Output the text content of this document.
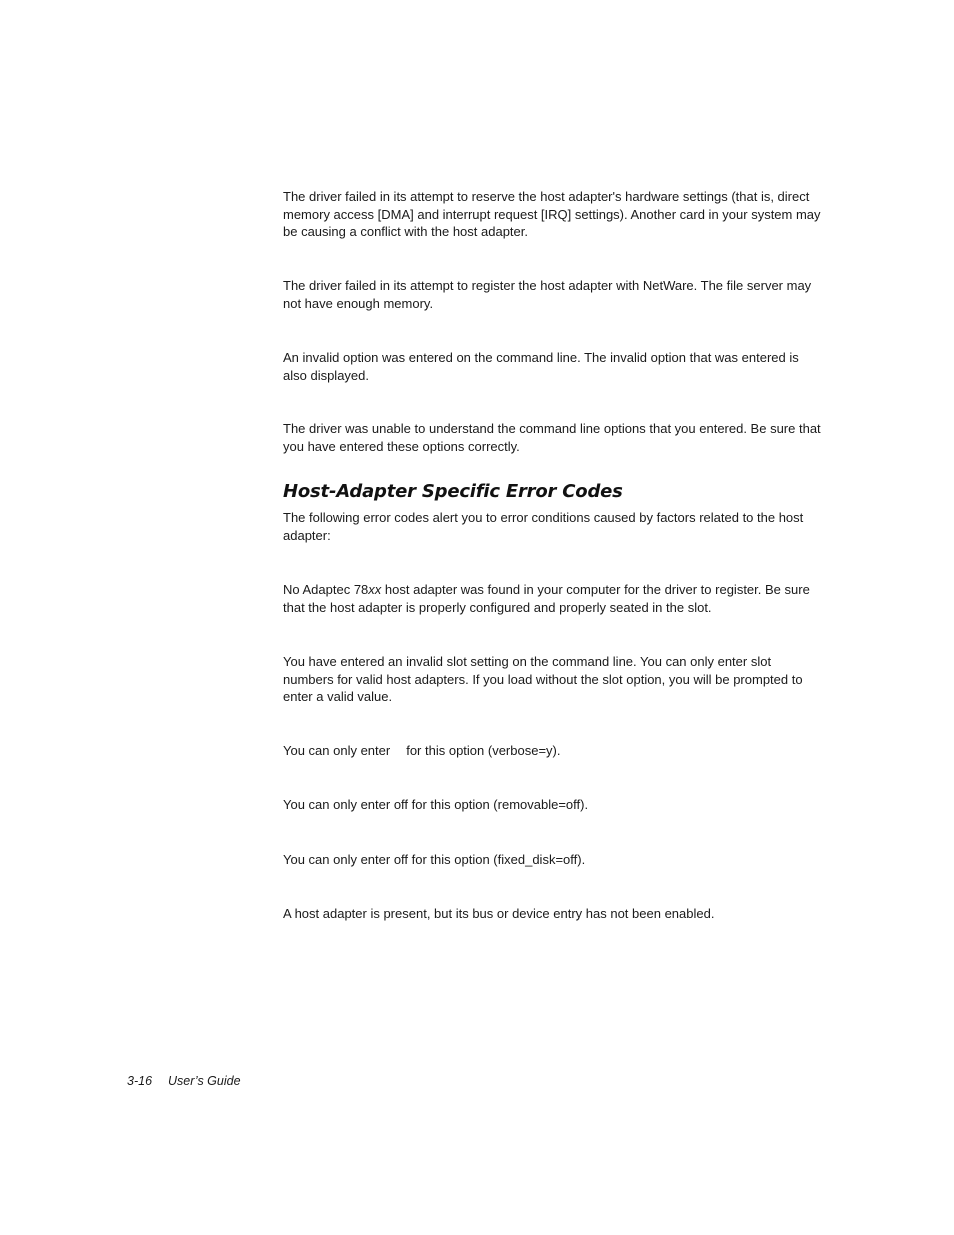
The driver failed in its attempt to reserve the host adapter's hardware settings (that is, direct memory access [DMA] and interrupt request [IRQ] settings). Another card in your system may be causing a conflict with the host adapter.

The driver failed in its attempt to register the host adapter with NetWare. The file server may not have enough memory.

An invalid option was entered on the command line. The invalid option that was entered is also displayed.

The driver was unable to understand the command line options that you entered. Be sure that you have entered these options correctly.

Host-Adapter Specific Error Codes

The following error codes alert you to error conditions caused by factors related to the host adapter:

No Adaptec 78xx host adapter was found in your computer for the driver to register. Be sure that the host adapter is properly configured and properly seated in the slot.

You have entered an invalid slot setting on the command line. You can only enter slot numbers for valid host adapters. If you load without the slot option, you will be prompted to enter a valid value.

You can only enter for this option (verbose=y).

You can only enter off for this option (removable=off).

You can only enter off for this option (fixed_disk=off).

A host adapter is present, but its bus or device entry has not been enabled.

3-16 User’s Guide
